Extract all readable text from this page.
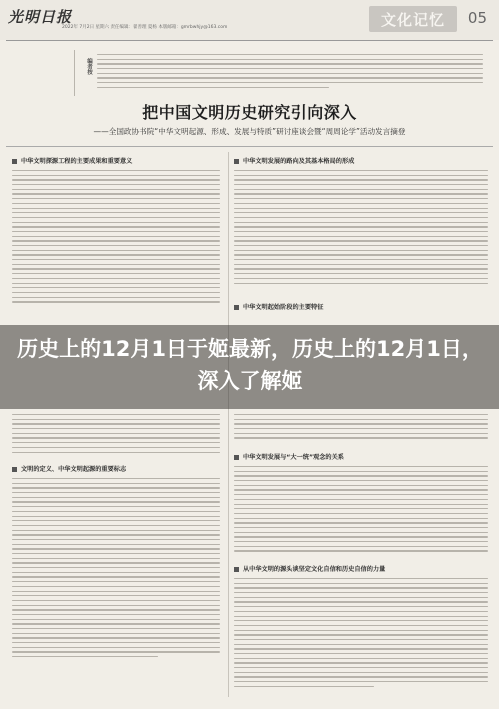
光明日报
2022年 7月2日 星期六 责任编辑：翟善理 夏杨 本版邮箱：gmrbwhjy@163.com	文化记忆 05
编者按
把中国文明历史研究引向深入
——全国政协书院“中华文明起源、形成、发展与特质”研讨座谈会暨“周周论学”活动发言摘登
中华文明探源工程的主要成果和重要意义	中华文明发展的路向及其基本格局的形成
中华文明起始阶段的主要特征
历史上的12月1日于姬最新，历史上的12月1日，深入了解姬
文明的定义、中华文明起源的重要标志
中华文明发展与“大一统”观念的关系
从中华文明的源头谈坚定文化自信和历史自信的力量
